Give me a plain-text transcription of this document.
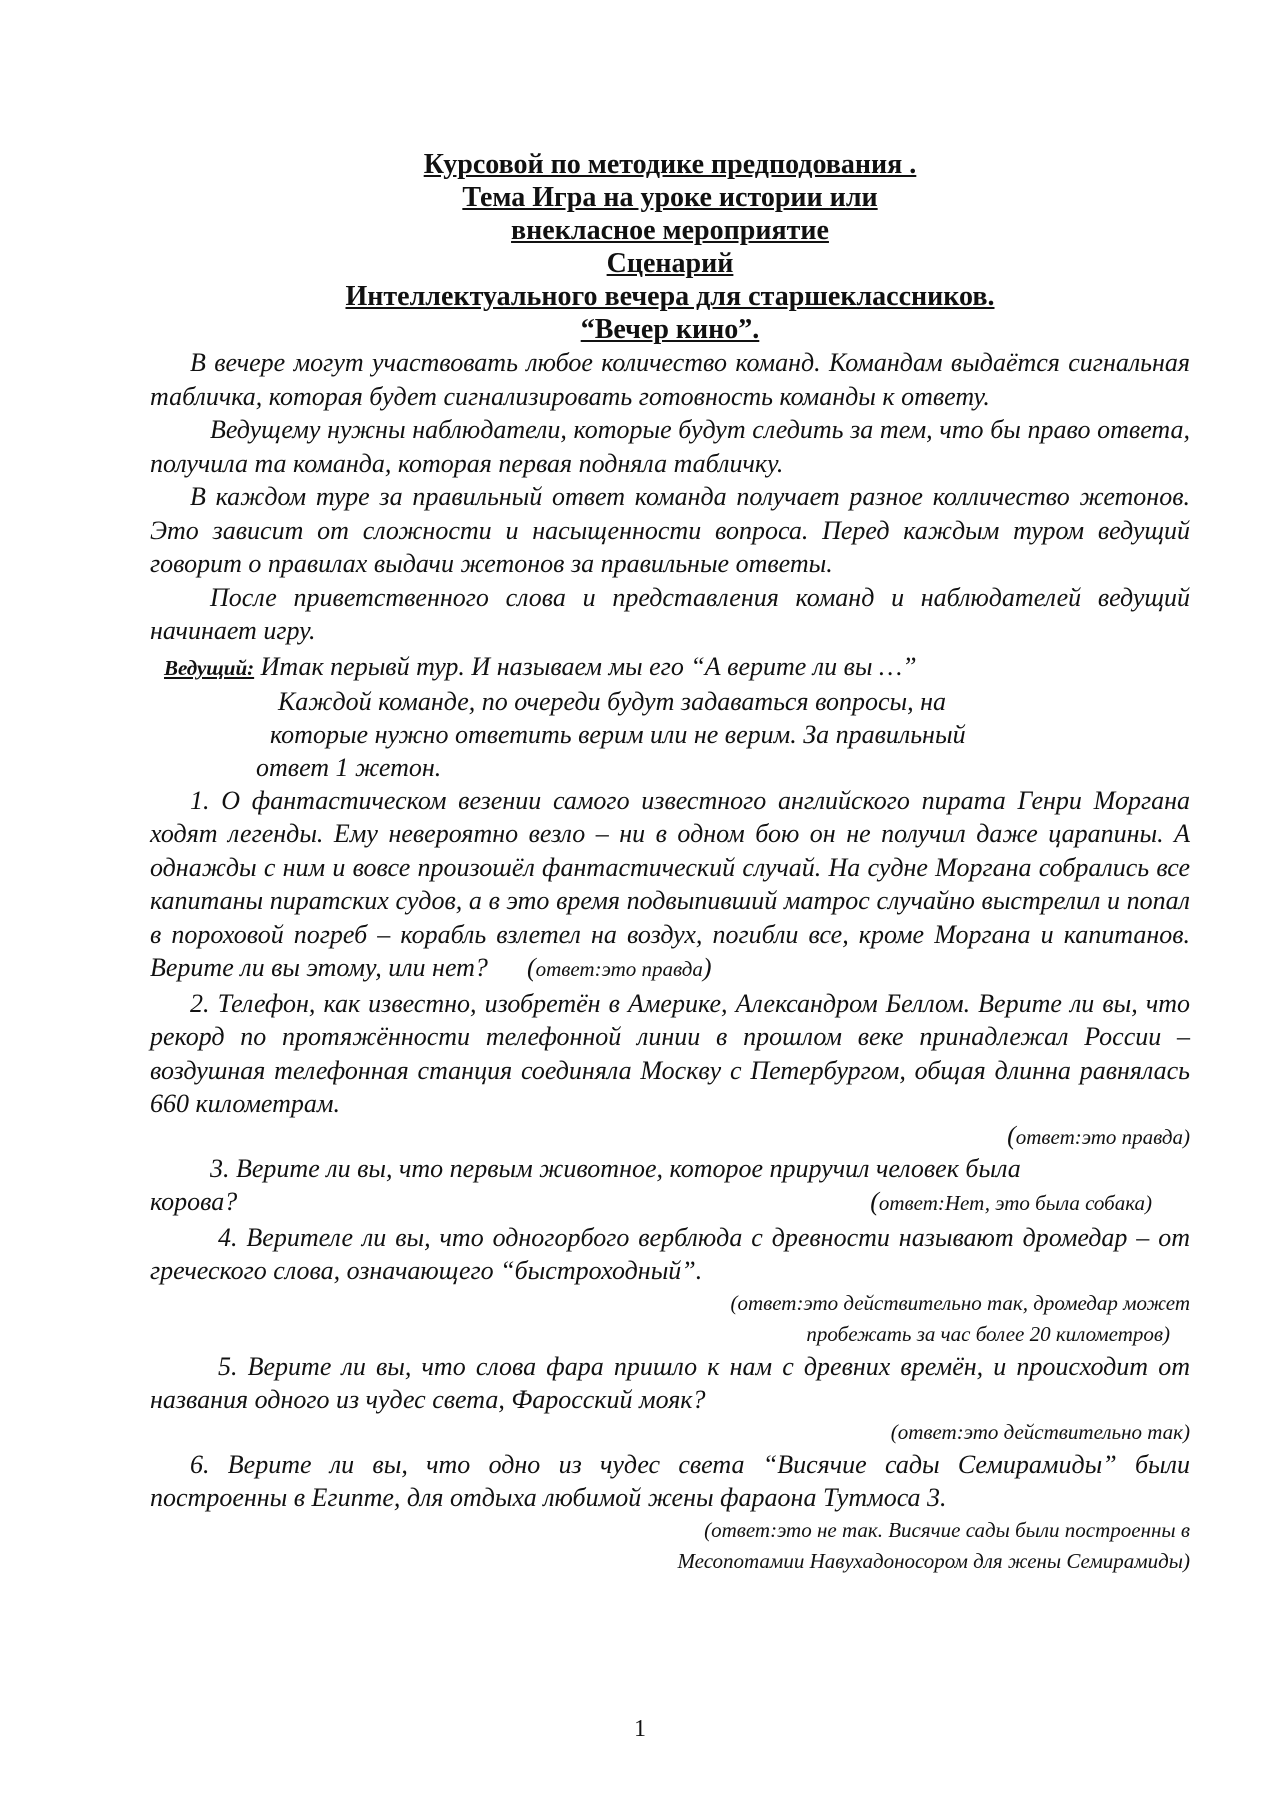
Курсовой по методике предподования .

Тема Игра на уроке истории или

внекласное мероприятие

Сценарий

Интеллектуального вечера для старшеклассников.

“Вечер кино”.

В вечере могут участвовать любое количество команд. Командам выдаётся сигнальная табличка, которая будет сигнализировать готовность команды к ответу.

Ведущему нужны наблюдатели, которые будут следить за тем, что бы право ответа, получила та команда, которая первая подняла табличку.

В каждом туре за правильный ответ команда получает разное колличество жетонов. Это зависит от сложности и насыщенности вопроса. Перед каждым туром ведущий говорит о правилах выдачи жетонов за правильные ответы.

После приветственного слова и представления команд и наблюдателей ведущий начинает игру.

Ведущий: Итак перывй тур. И называем мы его “А верите ли вы …”

Каждой команде, по очереди будут задаваться вопросы, на

которые нужно ответить верим или не верим. За правильный

ответ 1 жетон.

1. О фантастическом везении самого известного английского пирата Генри Моргана ходят легенды. Ему невероятно везло – ни в одном бою он не получил даже царапины. А однажды с ним и вовсе произошёл фантастический случай. На судне Моргана собрались все капитаны пиратских судов, а в это время подвыпивший матрос случайно выстрелил и попал в пороховой погреб – корабль взлетел на воздух, погибли все, кроме Моргана и капитанов. Верите ли вы этому, или нет? (ответ:это правда)

2. Телефон, как известно, изобретён в Америке, Александром Беллом. Верите ли вы, что рекорд по протяжённости телефонной линии в прошлом веке принадлежал России – воздушная телефонная станция соединяла Москву с Петербургом, общая длинна равнялась 660 километрам.

(ответ:это правда)

3. Верите ли вы, что первым животное, которое приручил человек была

корова?	(ответ:Нет, это была собака)

4. Верителе ли вы, что одногорбого верблюда с древности называют дромедар – от греческого слова, означающего “быстроходный”.

(ответ:это действительно так, дромедар может

пробежать за час более 20 километров)

5. Верите ли вы, что слова фара пришло к нам с древних времён, и происходит от названия одного из чудес света, Фаросский мояк?

(ответ:это действительно так)

6. Верите ли вы, что одно из чудес света “Висячие сады Семирамиды” были построенны в Египте, для отдыха любимой жены фараона Тутмоса 3.

(ответ:это не так. Висячие сады были построенны в

Месопотамии Навухадоносором для жены Семирамиды)

1
